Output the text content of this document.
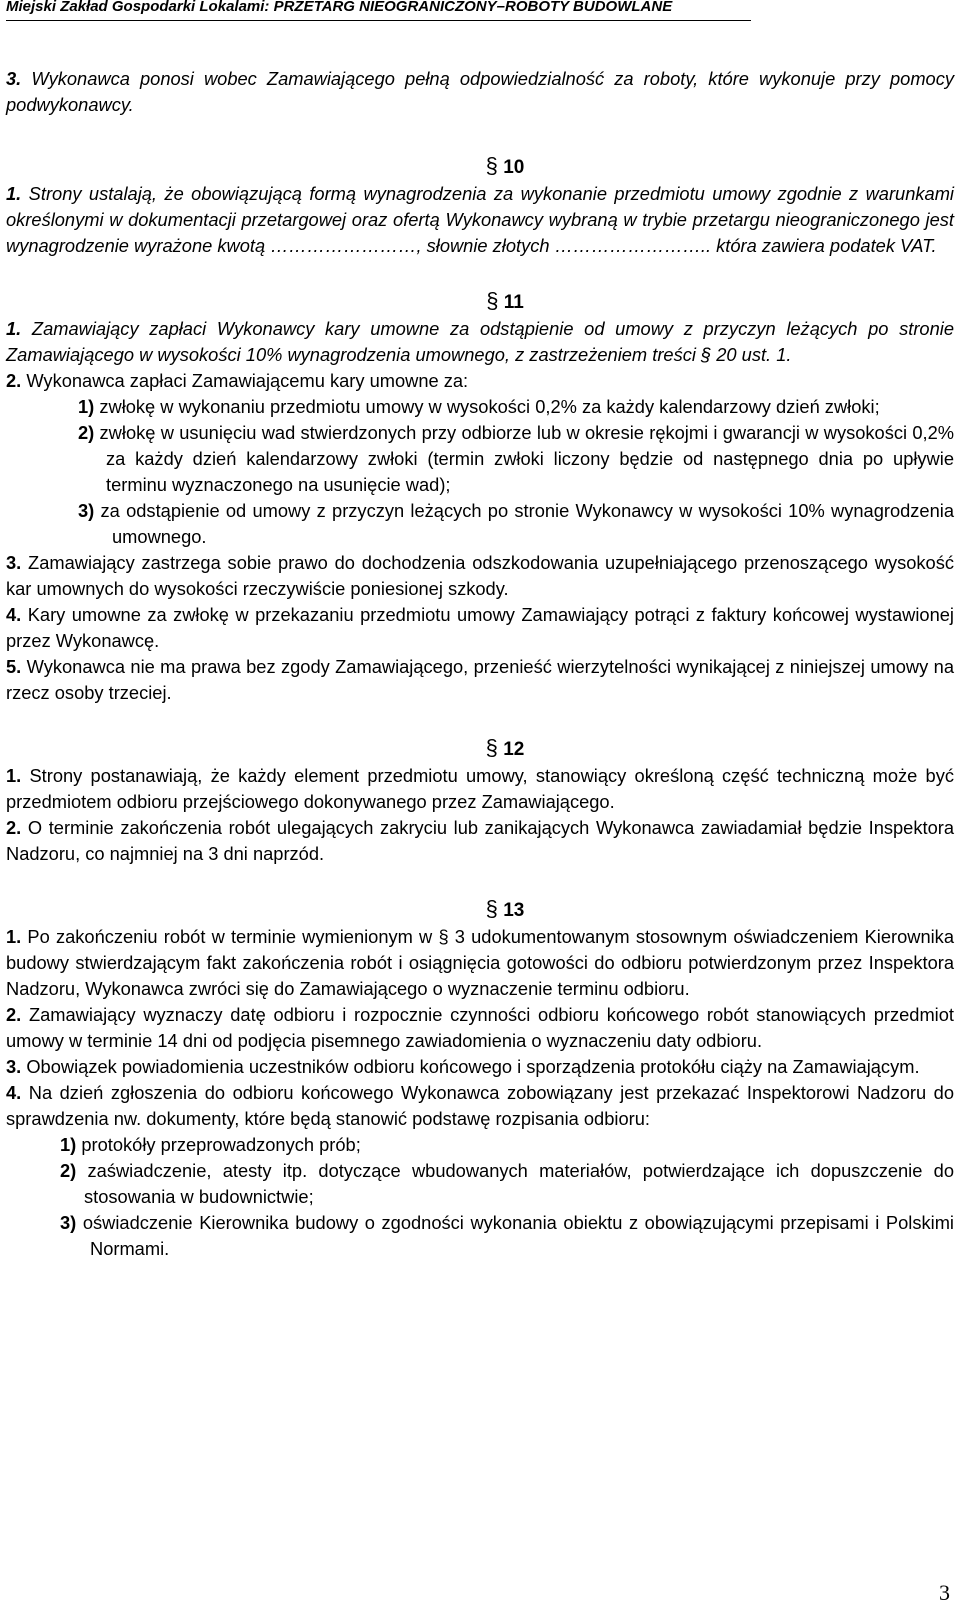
Miejski Zakład Gospodarki Lokalami: PRZETARG NIEOGRANICZONY–ROBOTY BUDOWLANE

3. Wykonawca ponosi wobec Zamawiającego pełną odpowiedzialność za roboty, które wykonuje przy pomocy podwykonawcy.

§ 10

1. Strony ustalają, że obowiązującą formą wynagrodzenia za wykonanie przedmiotu umowy zgodnie z warunkami określonymi w dokumentacji przetargowej oraz ofertą Wykonawcy wybraną w trybie przetargu nieograniczonego jest wynagrodzenie wyrażone kwotą ……………………, słownie złotych …………………….. która zawiera podatek VAT.

§ 11

1. Zamawiający zapłaci Wykonawcy kary umowne za odstąpienie od umowy z przyczyn leżących po stronie Zamawiającego w wysokości 10% wynagrodzenia umownego, z zastrzeżeniem treści § 20 ust. 1.

2. Wykonawca zapłaci Zamawiającemu kary umowne za:

1) zwłokę w wykonaniu przedmiotu umowy w wysokości 0,2% za każdy kalendarzowy dzień zwłoki;

2) zwłokę w usunięciu wad stwierdzonych przy odbiorze lub w okresie rękojmi i gwarancji w wysokości 0,2% za każdy dzień kalendarzowy zwłoki (termin zwłoki liczony będzie od następnego dnia po upływie terminu wyznaczonego na usunięcie wad);

3) za odstąpienie od umowy z przyczyn leżących po stronie Wykonawcy w wysokości 10% wynagrodzenia umownego.

3. Zamawiający zastrzega sobie prawo do dochodzenia odszkodowania uzupełniającego przenoszącego wysokość kar umownych do wysokości rzeczywiście poniesionej szkody.

4. Kary umowne za zwłokę w przekazaniu przedmiotu umowy Zamawiający potrąci z faktury końcowej wystawionej przez Wykonawcę.

5. Wykonawca nie ma prawa bez zgody Zamawiającego, przenieść wierzytelności wynikającej z niniejszej umowy na rzecz osoby trzeciej.

§ 12

1. Strony postanawiają, że każdy element przedmiotu umowy, stanowiący określoną część techniczną może być przedmiotem odbioru przejściowego dokonywanego przez Zamawiającego.

2. O terminie zakończenia robót ulegających zakryciu lub zanikających Wykonawca zawiadamiał będzie Inspektora Nadzoru, co najmniej na 3 dni naprzód.

§ 13

1. Po zakończeniu robót w terminie wymienionym w § 3 udokumentowanym stosownym oświadczeniem Kierownika budowy stwierdzającym fakt zakończenia robót i osiągnięcia gotowości do odbioru potwierdzonym przez Inspektora Nadzoru, Wykonawca zwróci się do Zamawiającego o wyznaczenie terminu odbioru.

2. Zamawiający wyznaczy datę odbioru i rozpocznie czynności odbioru końcowego robót stanowiących przedmiot umowy w terminie 14 dni od podjęcia pisemnego zawiadomienia o wyznaczeniu daty odbioru.

3. Obowiązek powiadomienia uczestników odbioru końcowego i sporządzenia protokółu ciąży na Zamawiającym.

4. Na dzień zgłoszenia do odbioru końcowego Wykonawca zobowiązany jest przekazać Inspektorowi Nadzoru do sprawdzenia nw. dokumenty, które będą stanowić podstawę rozpisania odbioru:

1) protokóły przeprowadzonych prób;

2) zaświadczenie, atesty itp. dotyczące wbudowanych materiałów, potwierdzające ich dopuszczenie do stosowania w budownictwie;

3) oświadczenie Kierownika budowy o zgodności wykonania obiektu z obowiązującymi przepisami i Polskimi Normami.

3
